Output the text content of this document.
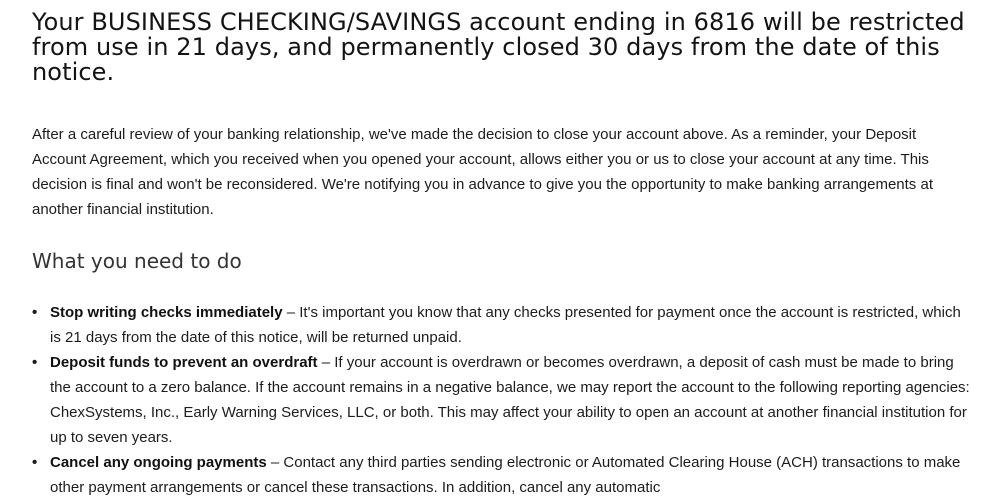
Your BUSINESS CHECKING/SAVINGS account ending in 6816 will be restricted from use in 21 days, and permanently closed 30 days from the date of this notice.

After a careful review of your banking relationship, we've made the decision to close your account above. As a reminder, your Deposit Account Agreement, which you received when you opened your account, allows either you or us to close your account at any time. This decision is final and won't be reconsidered. We're notifying you in advance to give you the opportunity to make banking arrangements at another financial institution.

What you need to do
• Stop writing checks immediately – It's important you know that any checks presented for payment once the account is restricted, which is 21 days from the date of this notice, will be returned unpaid.
• Deposit funds to prevent an overdraft – If your account is overdrawn or becomes overdrawn, a deposit of cash must be made to bring the account to a zero balance. If the account remains in a negative balance, we may report the account to the following reporting agencies: ChexSystems, Inc., Early Warning Services, LLC, or both. This may affect your ability to open an account at another financial institution for up to seven years.
• Cancel any ongoing payments – Contact any third parties sending electronic or Automated Clearing House (ACH) transactions to make other payment arrangements or cancel these transactions. In addition, cancel any automatic
